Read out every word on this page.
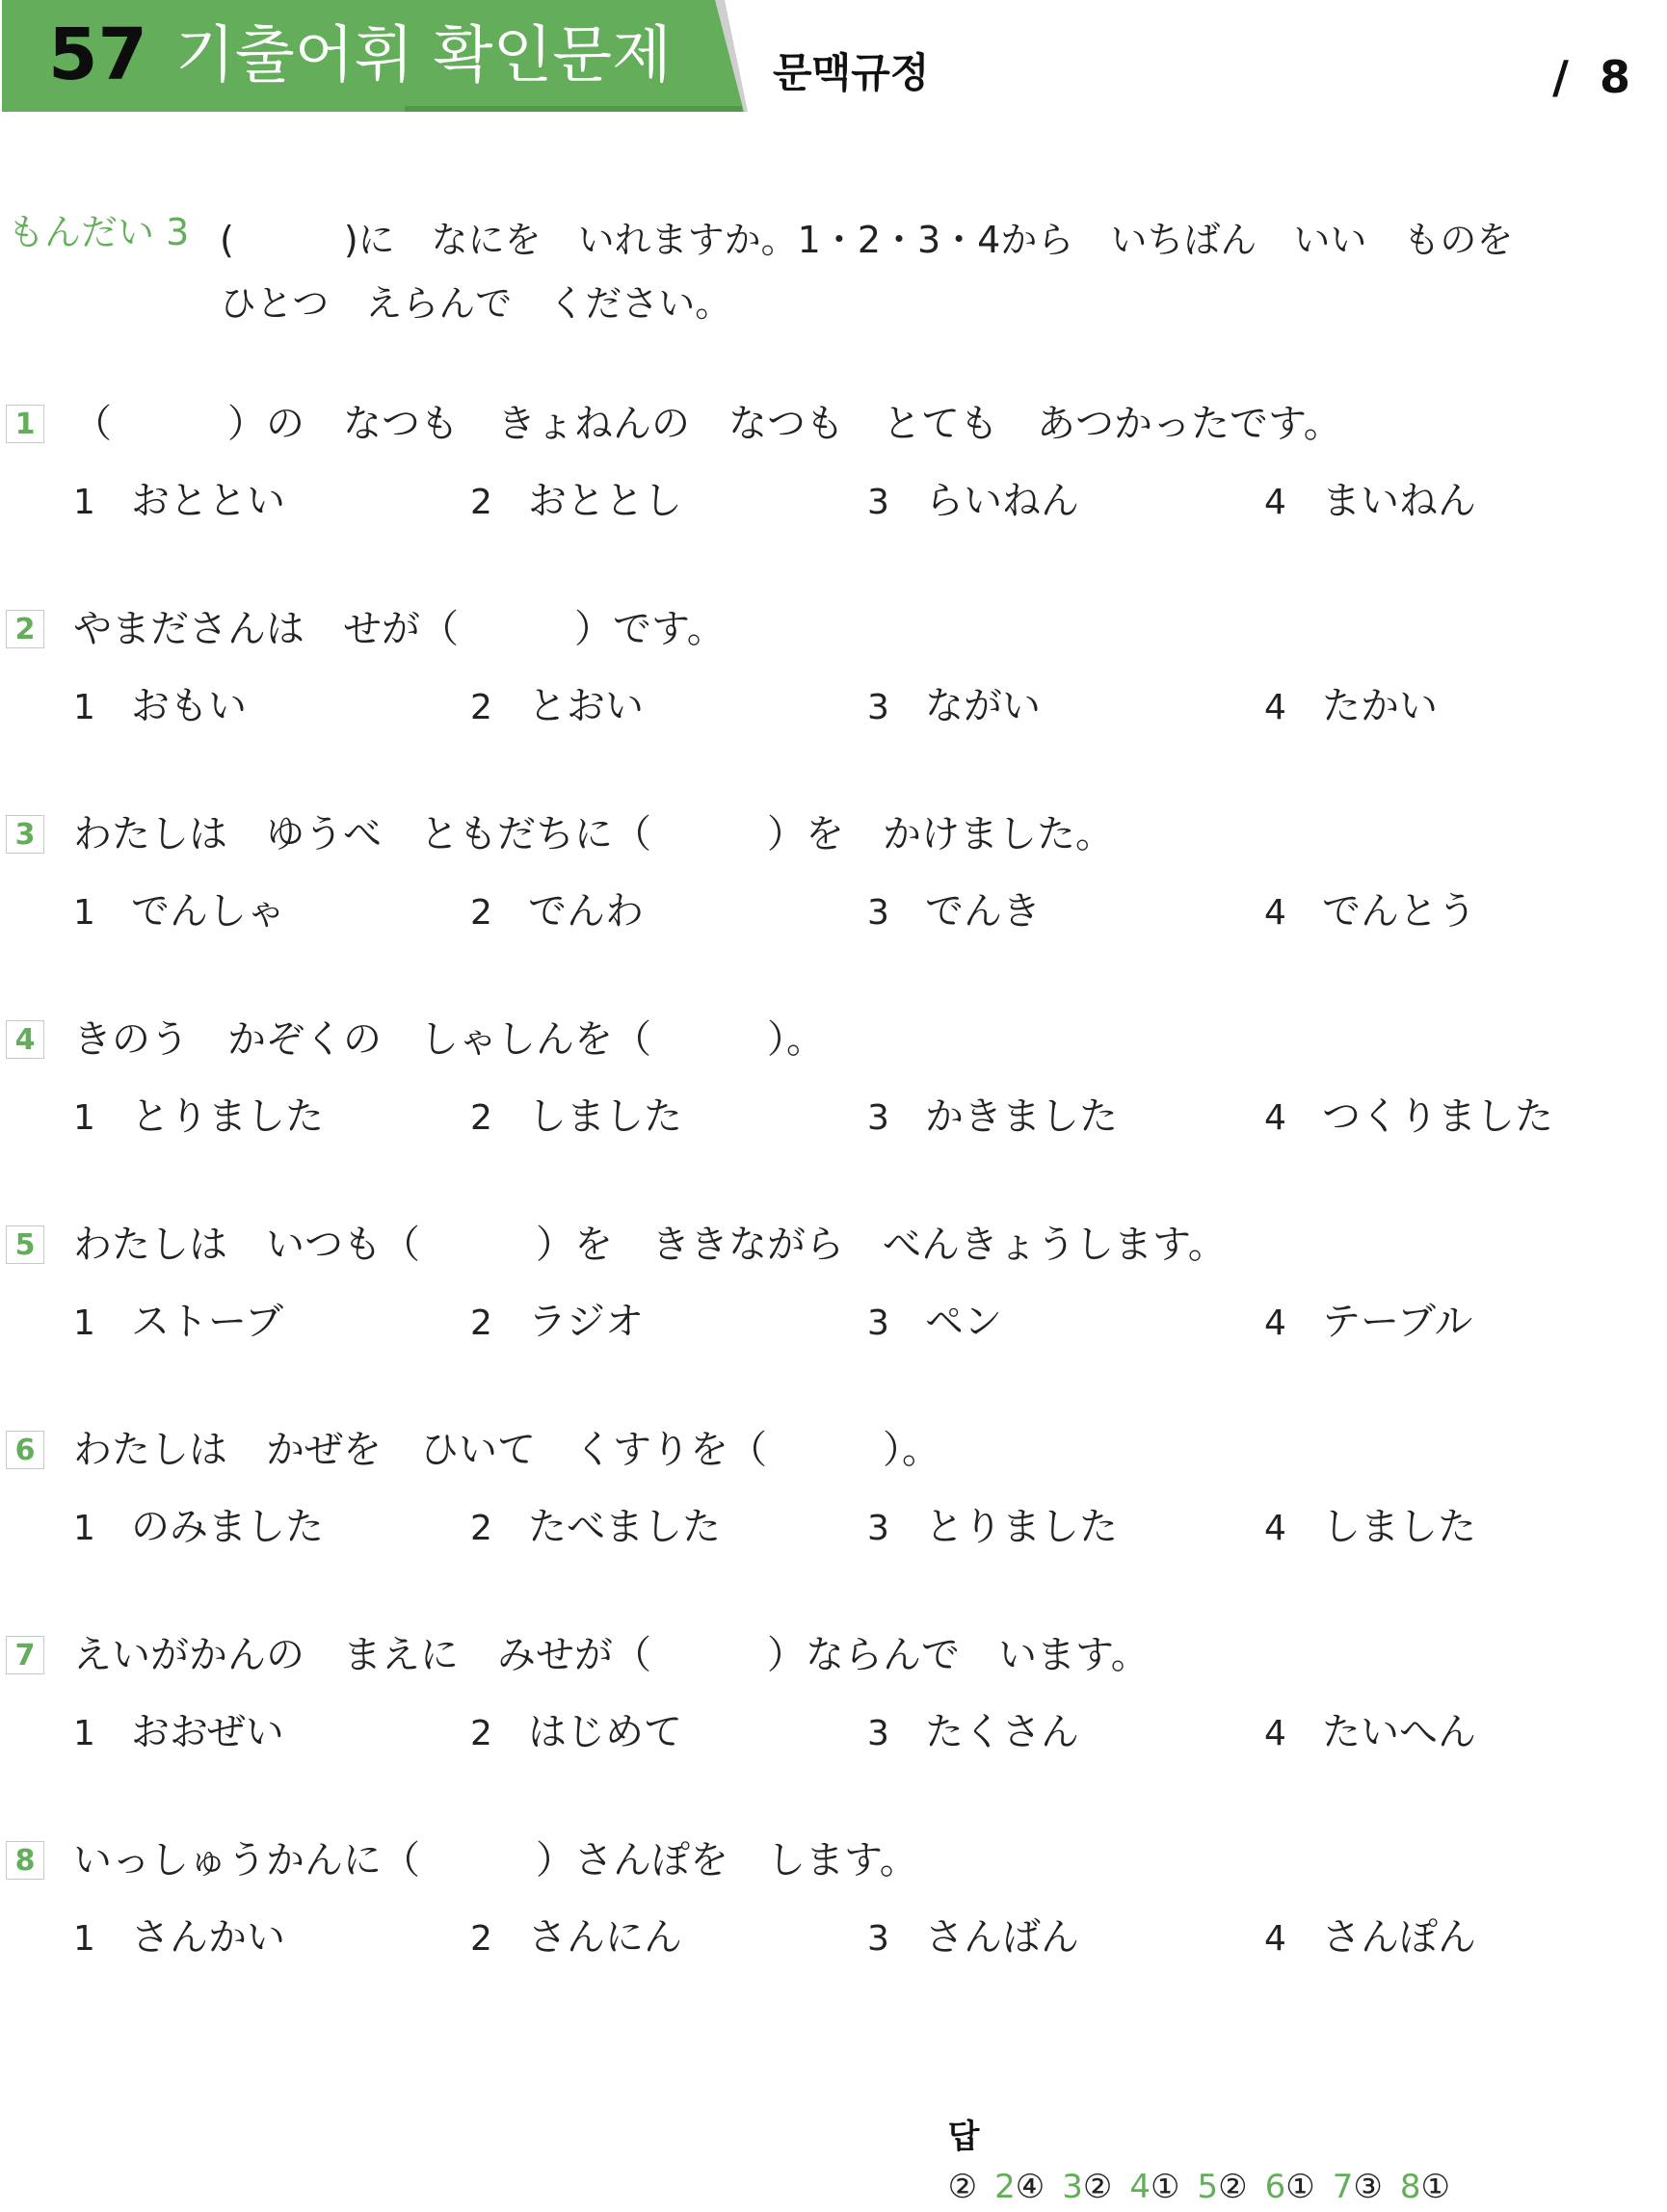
57 기출어휘 확인문제	문맥규정	/  8
もんだい 3 (　　　)に　なにを　いれますか。1・2・3・4から　いちばん　いい　ものを
ひとつ　えらんで　ください。
1 （　　　）の　なつも　きょねんの　なつも　とても　あつかったです。
1 おととい	2 おととし	3 らいねん	4 まいねん
2 やまださんは　せが（　　　）です。
1 おもい	2 とおい	3 ながい	4 たかい
3 わたしは　ゆうべ　ともだちに（　　　）を　かけました。
1 でんしゃ	2 でんわ	3 でんき	4 でんとう
4 きのう　かぞくの　しゃしんを（　　　）。
1 とりました	2 しました	3 かきました	4 つくりました
5 わたしは　いつも（　　　）を　ききながら　べんきょうします。
1 ストーブ	2 ラジオ	3 ペン	4 テーブル
6 わたしは　かぜを　ひいて　くすりを（　　　）。
1 のみました	2 たべました	3 とりました	4 しました
7 えいがかんの　まえに　みせが（　　　）ならんで　います。
1 おおぜい	2 はじめて	3 たくさん	4 たいへん
8 いっしゅうかんに（　　　）さんぽを　します。
1 さんかい	2 さんにん	3 さんばん	4 さんぽん

답
② 2④ 3② 4① 5② 6① 7③ 8①
